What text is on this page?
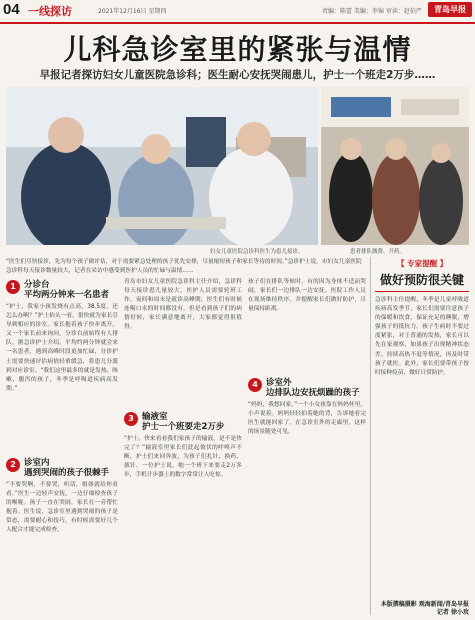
04 一线探访	2021年12月16日 星期四	责编：陈蕾 美编：李锦 审读：赵伯严	青岛早报
儿科急诊室里的紧张与温情
早报记者探访妇女儿童医院急诊科；医生耐心安抚哭闹患儿，护士一个班走2万步……
妇女儿童医院急诊科医生为患儿接诊。	患者排队缴费、开药。
“医生们尽快接诊，先为每个孩子做评估，对于需要紧急处理的孩子优先安排，尽量缩短孩子和家长等待的时间。”急诊护士说，市妇女儿童医院急诊科每天接诊数量较大，记者在采访中感受到医护人员的忙碌与温情……
1 分诊台
平均两分钟来一名患者
“护士，我家小孩发烧有点高，38.5度，还怎么办啊？”护士抬头一看，很快就为家长引导到相应的诊室。家长抱着孩子快步离开，又一个家长前来询问，分诊台前始终有人排队。据急诊护士介绍，平均约两分钟就会来一名患者，遇到高峰时段更加忙碌，分诊护士需要快速评估病情轻重缓急，将患儿分派到对应诊室。“我们这里最多的就是发热、咳嗽、腹泻的孩子，冬季是呼吸道疾病高发期。”
2 诊室内
遇到哭闹的孩子很棘手
“不要哭啊，不要哭，听话，姐姐就给你看看。”医生一边轻声安抚，一边仔细检查孩子的喉咙。孩子一直在哭闹，家长在一旁帮忙抱着。医生说，急诊室里遇到哭闹的孩子是常态，需要耐心和技巧，有时候需要好几个人配合才能完成检查。
青岛市妇女儿童医院急诊科主任介绍，急诊科每天接诊患儿量较大，医护人员需要轮班工作。夜间和周末是就诊高峰期，医生们有时候连喝口水的时间都没有，但是看到孩子们的病情好转，家长满意地离开，大家都觉得很值得。
3 输液室
护士一个班要走2万步
“护士，快来看看我们家孩子的输液，是不是快完了？”输液室里家长们此起彼伏的呼唤声不断，护士们来回奔波，为孩子们扎针、换药、拔针。一位护士说，她一个班下来要走2万多步，手机计步器上的数字常常让人吃惊。
孩子们在排队等候时，有的因为身体不适而哭闹，家长们一边排队一边安抚。医院工作人员在现场维持秩序，并提醒家长们做好防护，尽量保持距离。
4 诊室外
边排队边安抚烦躁的孩子
“妈妈，我想回家。”一个小女孩靠在妈妈怀里，小声说着。妈妈轻轻拍着她的背，告诉她看完医生就能回家了。在急诊室外的走廊里，这样的场景随处可见。
【 专家提醒 】
做好预防很关键
急诊科主任提醒，冬季是儿童呼吸道疾病高发季节，家长们需要注意孩子的保暖和饮食，保证充足的睡眠，增强孩子的抵抗力。孩子生病时不要过度紧张，对于普通的发热，家长可以先在家观察，如果孩子出现精神状态差、持续高热不退等情况，再及时带孩子就医。此外，家长们要带孩子按时接种疫苗，做好日常防护。
本版撰稿摄影 观海新闻/青岛早报
记者 徐小玫
